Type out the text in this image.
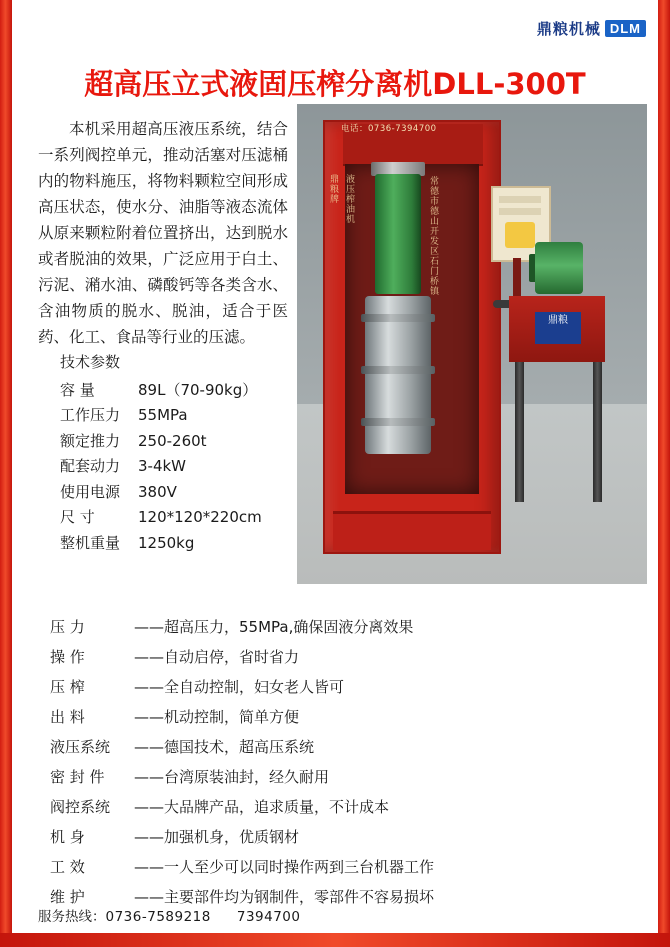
鼎粮机械 DLM
超高压立式液固压榨分离机DLL-300T
本机采用超高压液压系统，结合一系列阀控单元，推动活塞对压滤桶内的物料施压，将物料颗粒空间形成高压状态，使水分、油脂等液态流体从原来颗粒附着位置挤出，达到脱水或者脱油的效果，广泛应用于白土、污泥、潲水油、磷酸钙等各类含水、含油物质的脱水、脱油，适合于医药、化工、食品等行业的压滤。
技术参数
容 量	89L（70-90kg）
工作压力	55MPa
额定推力	250-260t
配套动力	3-4kW
使用电源	380V
尺 寸	120*120*220cm
整机重量	1250kg
电话：0736-7394700
鼎粮牌 液压榨油机	常德市德山开发区石门桥镇
鼎粮
压 力	——超高压力，55MPa,确保固液分离效果
操 作	——自动启停，省时省力
压 榨	——全自动控制，妇女老人皆可
出 料	——机动控制，简单方便
液压系统	——德国技术，超高压系统
密 封 件	——台湾原装油封，经久耐用
阀控系统	——大品牌产品，追求质量，不计成本
机 身	——加强机身，优质钢材
工 效	——一人至少可以同时操作两到三台机器工作
维 护	——主要部件均为钢制件，零部件不容易损坏
服务热线：0736-7589218 7394700
